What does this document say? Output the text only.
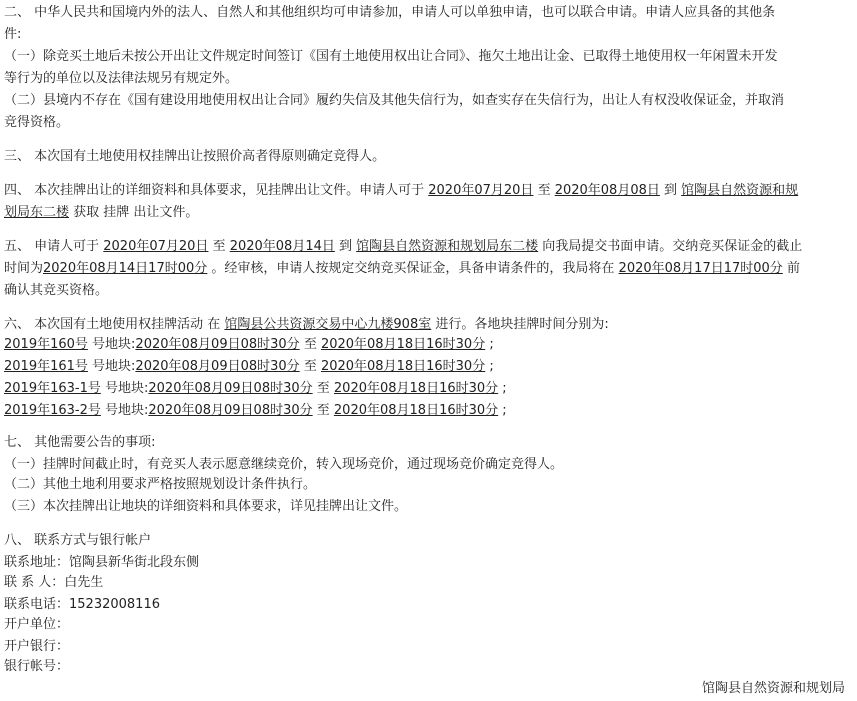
二、 中华人民共和国境内外的法人、自然人和其他组织均可申请参加，申请人可以单独申请，也可以联合申请。申请人应具备的其他条
件:
（一）除竞买土地后未按公开出让文件规定时间签订《国有土地使用权出让合同》、拖欠土地出让金、已取得土地使用权一年闲置未开发
等行为的单位以及法律法规另有规定外。
（二）县境内不存在《国有建设用地使用权出让合同》履约失信及其他失信行为，如查实存在失信行为，出让人有权没收保证金，并取消
竞得资格。
三、 本次国有土地使用权挂牌出让按照价高者得原则确定竞得人。
四、 本次挂牌出让的详细资料和具体要求，见挂牌出让文件。申请人可于 2020年07月20日 至 2020年08月08日 到 馆陶县自然资源和规
划局东二楼 获取 挂牌 出让文件。
五、 申请人可于 2020年07月20日 至 2020年08月14日 到 馆陶县自然资源和规划局东二楼 向我局提交书面申请。交纳竞买保证金的截止
时间为2020年08月14日17时00分 。经审核，申请人按规定交纳竞买保证金，具备申请条件的，我局将在 2020年08月17日17时00分 前
确认其竞买资格。
六、 本次国有土地使用权挂牌活动 在 馆陶县公共资源交易中心九楼908室 进行。各地块挂牌时间分别为:
2019年160号 号地块:2020年08月09日08时30分 至 2020年08月18日16时30分 ;
2019年161号 号地块:2020年08月09日08时30分 至 2020年08月18日16时30分 ;
2019年163-1号 号地块:2020年08月09日08时30分 至 2020年08月18日16时30分 ;
2019年163-2号 号地块:2020年08月09日08时30分 至 2020年08月18日16时30分 ;
七、 其他需要公告的事项:
（一）挂牌时间截止时，有竞买人表示愿意继续竞价，转入现场竞价，通过现场竞价确定竞得人。
（二）其他土地利用要求严格按照规划设计条件执行。
（三）本次挂牌出让地块的详细资料和具体要求，详见挂牌出让文件。
八、 联系方式与银行帐户
联系地址：馆陶县新华街北段东侧
联 系 人：白先生
联系电话：15232008116
开户单位：
开户银行：
银行帐号：
馆陶县自然资源和规划局
